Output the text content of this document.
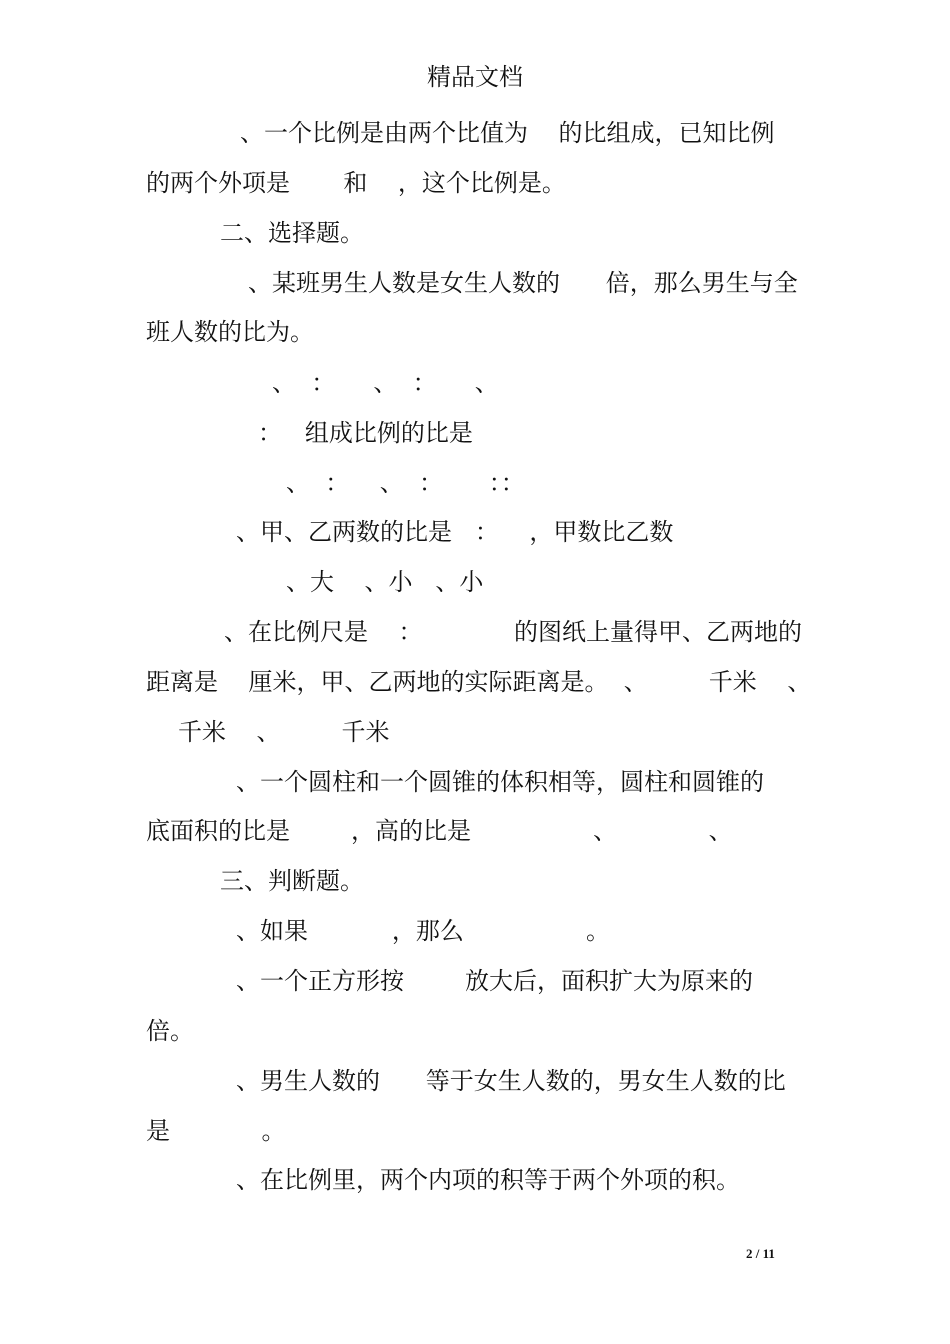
精品文档
、一个比例是由两个比值为    的比组成，已知比例
的两个外项是       和    ，这个比例是。
二、选择题。
、某班男生人数是女生人数的      倍，那么男生与全
班人数的比为。
、  ：     、  ：     、
：   组成比例的比是
、  ：    、  ：      ：：
、甲、乙两数的比是   ：    ，甲数比乙数
、大    、小   、小
、在比例尺是    ：            的图纸上量得甲、乙两地的
距离是    厘米，甲、乙两地的实际距离是。  、        千米    、
千米    、        千米
、一个圆柱和一个圆锥的体积相等，圆柱和圆锥的
底面积的比是        ，高的比是                、            、
三、判断题。
、如果           ，那么                。
、一个正方形按        放大后，面积扩大为原来的
倍。
、男生人数的      等于女生人数的，男女生人数的比
是            。
、在比例里，两个内项的积等于两个外项的积。
2 / 11
